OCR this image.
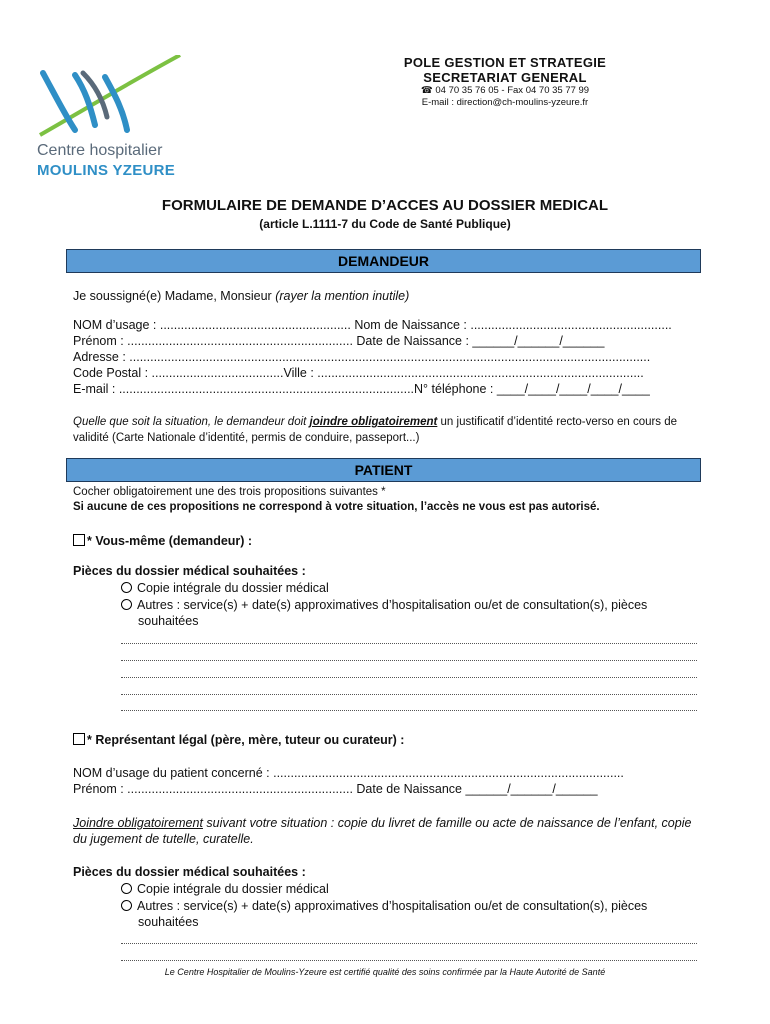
POLE GESTION ET STRATEGIE
SECRETARIAT GENERAL
☎ 04 70 35 76 05 - Fax 04 70 35 77 99
E-mail : direction@ch-moulins-yzeure.fr
Centre hospitalier
MOULINS YZEURE
FORMULAIRE DE DEMANDE D’ACCES AU DOSSIER MEDICAL
(article L.1111-7 du Code de Santé Publique)
DEMANDEUR
Je soussigné(e) Madame, Monsieur (rayer la mention inutile)
NOM d’usage : ....................................................... Nom de Naissance : ..........................................................
Prénom : ................................................................. Date de Naissance : ______/______/______
Adresse : ......................................................................................................................................................
Code Postal : ......................................Ville : ..............................................................................................
E-mail : .....................................................................................N° téléphone : ____/____/____/____/____
Quelle que soit la situation, le demandeur doit joindre obligatoirement un justificatif d’identité recto-verso en cours de
validité (Carte Nationale d’identité, permis de conduire, passeport...)
PATIENT
Cocher obligatoirement une des trois propositions suivantes *
Si aucune de ces propositions ne correspond à votre situation, l’accès ne vous est pas autorisé.
* Vous-même (demandeur) :
Pièces du dossier médical souhaitées :
Copie intégrale du dossier médical
Autres : service(s) + date(s) approximatives d’hospitalisation ou/et de consultation(s), pièces
souhaitées
* Représentant légal (père, mère, tuteur ou curateur) :
NOM d’usage du patient concerné : .....................................................................................................
Prénom : ................................................................. Date de Naissance ______/______/______
Joindre obligatoirement suivant votre situation : copie du livret de famille ou acte de naissance de l’enfant, copie
du jugement de tutelle, curatelle.
Pièces du dossier médical souhaitées :
Copie intégrale du dossier médical
Autres : service(s) + date(s) approximatives d’hospitalisation ou/et de consultation(s), pièces
souhaitées
Le Centre Hospitalier de Moulins-Yzeure est certifié qualité des soins confirmée par la Haute Autorité de Santé
